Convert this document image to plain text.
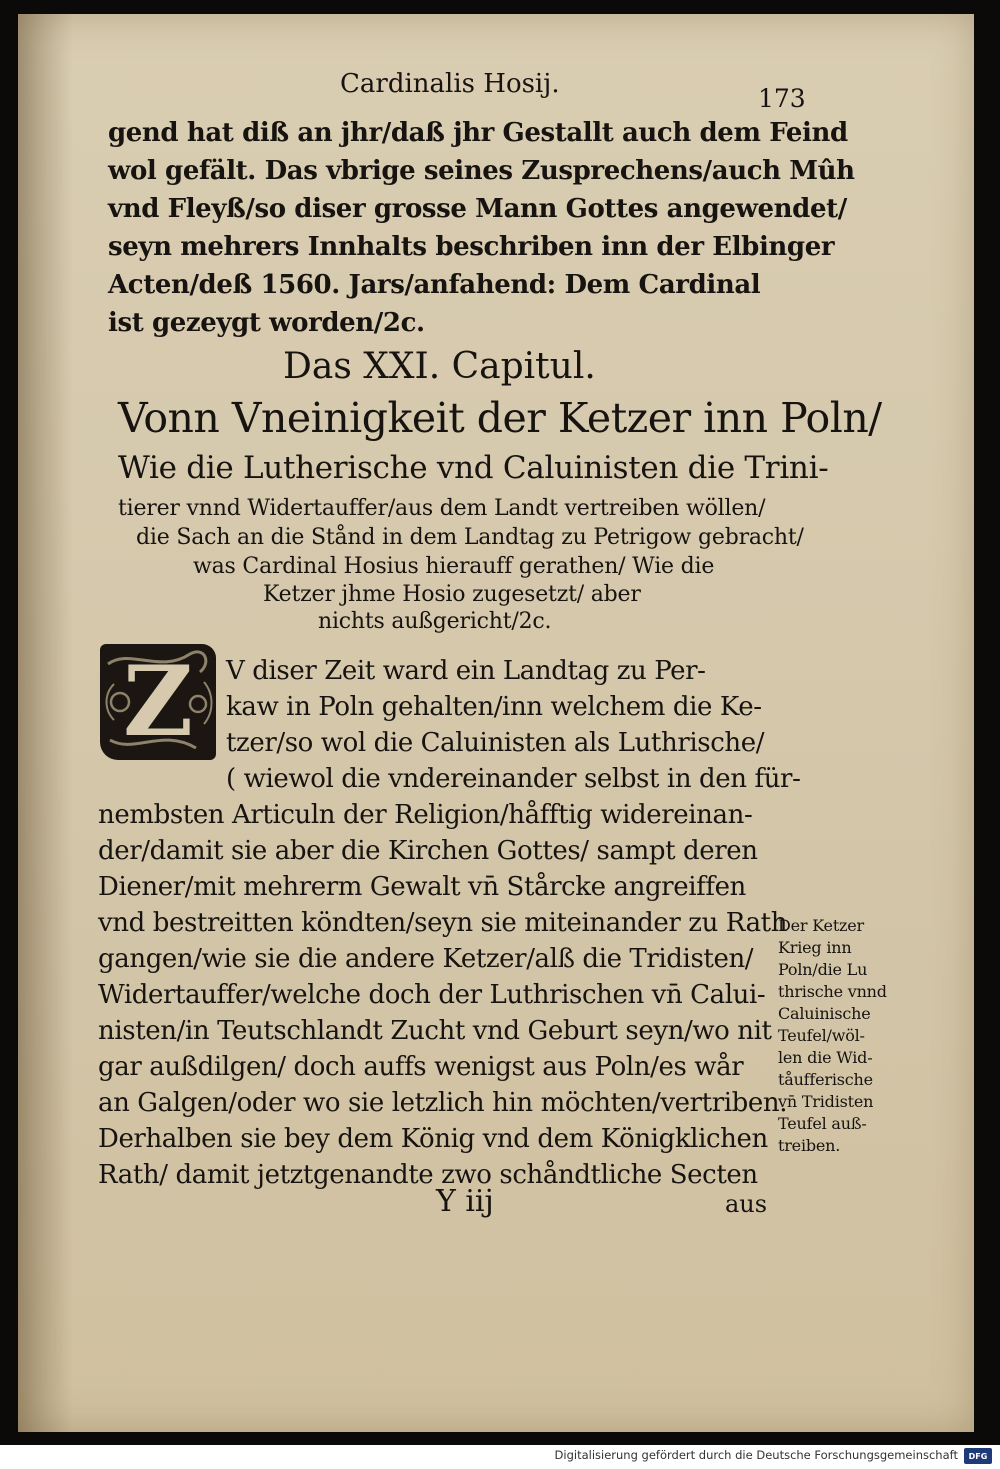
Cardinalis Hosij.	173
gend hat diß an jhr/daß jhr Gestallt auch dem Feind
wol gefält. Das vbrige seines Zusprechens/auch Mûh
vnd Fleyß/so diser grosse Mann Gottes angewendet/
seyn mehrers Innhalts beschriben inn der Elbinger
Acten/deß 1560. Jars/anfahend: Dem Cardinal
ist gezeygt worden/2c.
Das XXI. Capitul.
Vonn Vneinigkeit der Ketzer inn Poln/
Wie die Lutherische vnd Caluinisten die Trini-
tierer vnnd Widertauffer/aus dem Landt vertreiben wöllen/
die Sach an die Stånd in dem Landtag zu Petrigow gebracht/
was Cardinal Hosius hierauff gerathen/ Wie die
Ketzer jhme Hosio zugesetzt/ aber
nichts außgericht/2c.
Z V diser Zeit ward ein Landtag zu Per-
kaw in Poln gehalten/inn welchem die Ke-
tzer/so wol die Caluinisten als Luthrische/
( wiewol die vndereinander selbst in den für-
nembsten Articuln der Religion/håfftig widereinan-
der/damit sie aber die Kirchen Gottes/ sampt deren
Diener/mit mehrerm Gewalt vn̄ Stårcke angreiffen
vnd bestreitten köndten/seyn sie miteinander zu Rath
gangen/wie sie die andere Ketzer/alß die Tridisten/
Widertauffer/welche doch der Luthrischen vn̄ Calui-
nisten/in Teutschlandt Zucht vnd Geburt seyn/wo nit
gar außdilgen/ doch auffs wenigst aus Poln/es wår
an Galgen/oder wo sie letzlich hin möchten/vertriben.
Derhalben sie bey dem König vnd dem Königklichen
Rath/ damit jetztgenandte zwo schåndtliche Secten
Der Ketzer
Krieg inn
Poln/die Lu
thrische vnnd
Caluinische
Teufel/wöl-
len die Wid-
tåufferische
vn̄ Tridisten
Teufel auß-
treiben.
Y iij	aus
Digitalisierung gefördert durch die Deutsche Forschungsgemeinschaft	DFG
